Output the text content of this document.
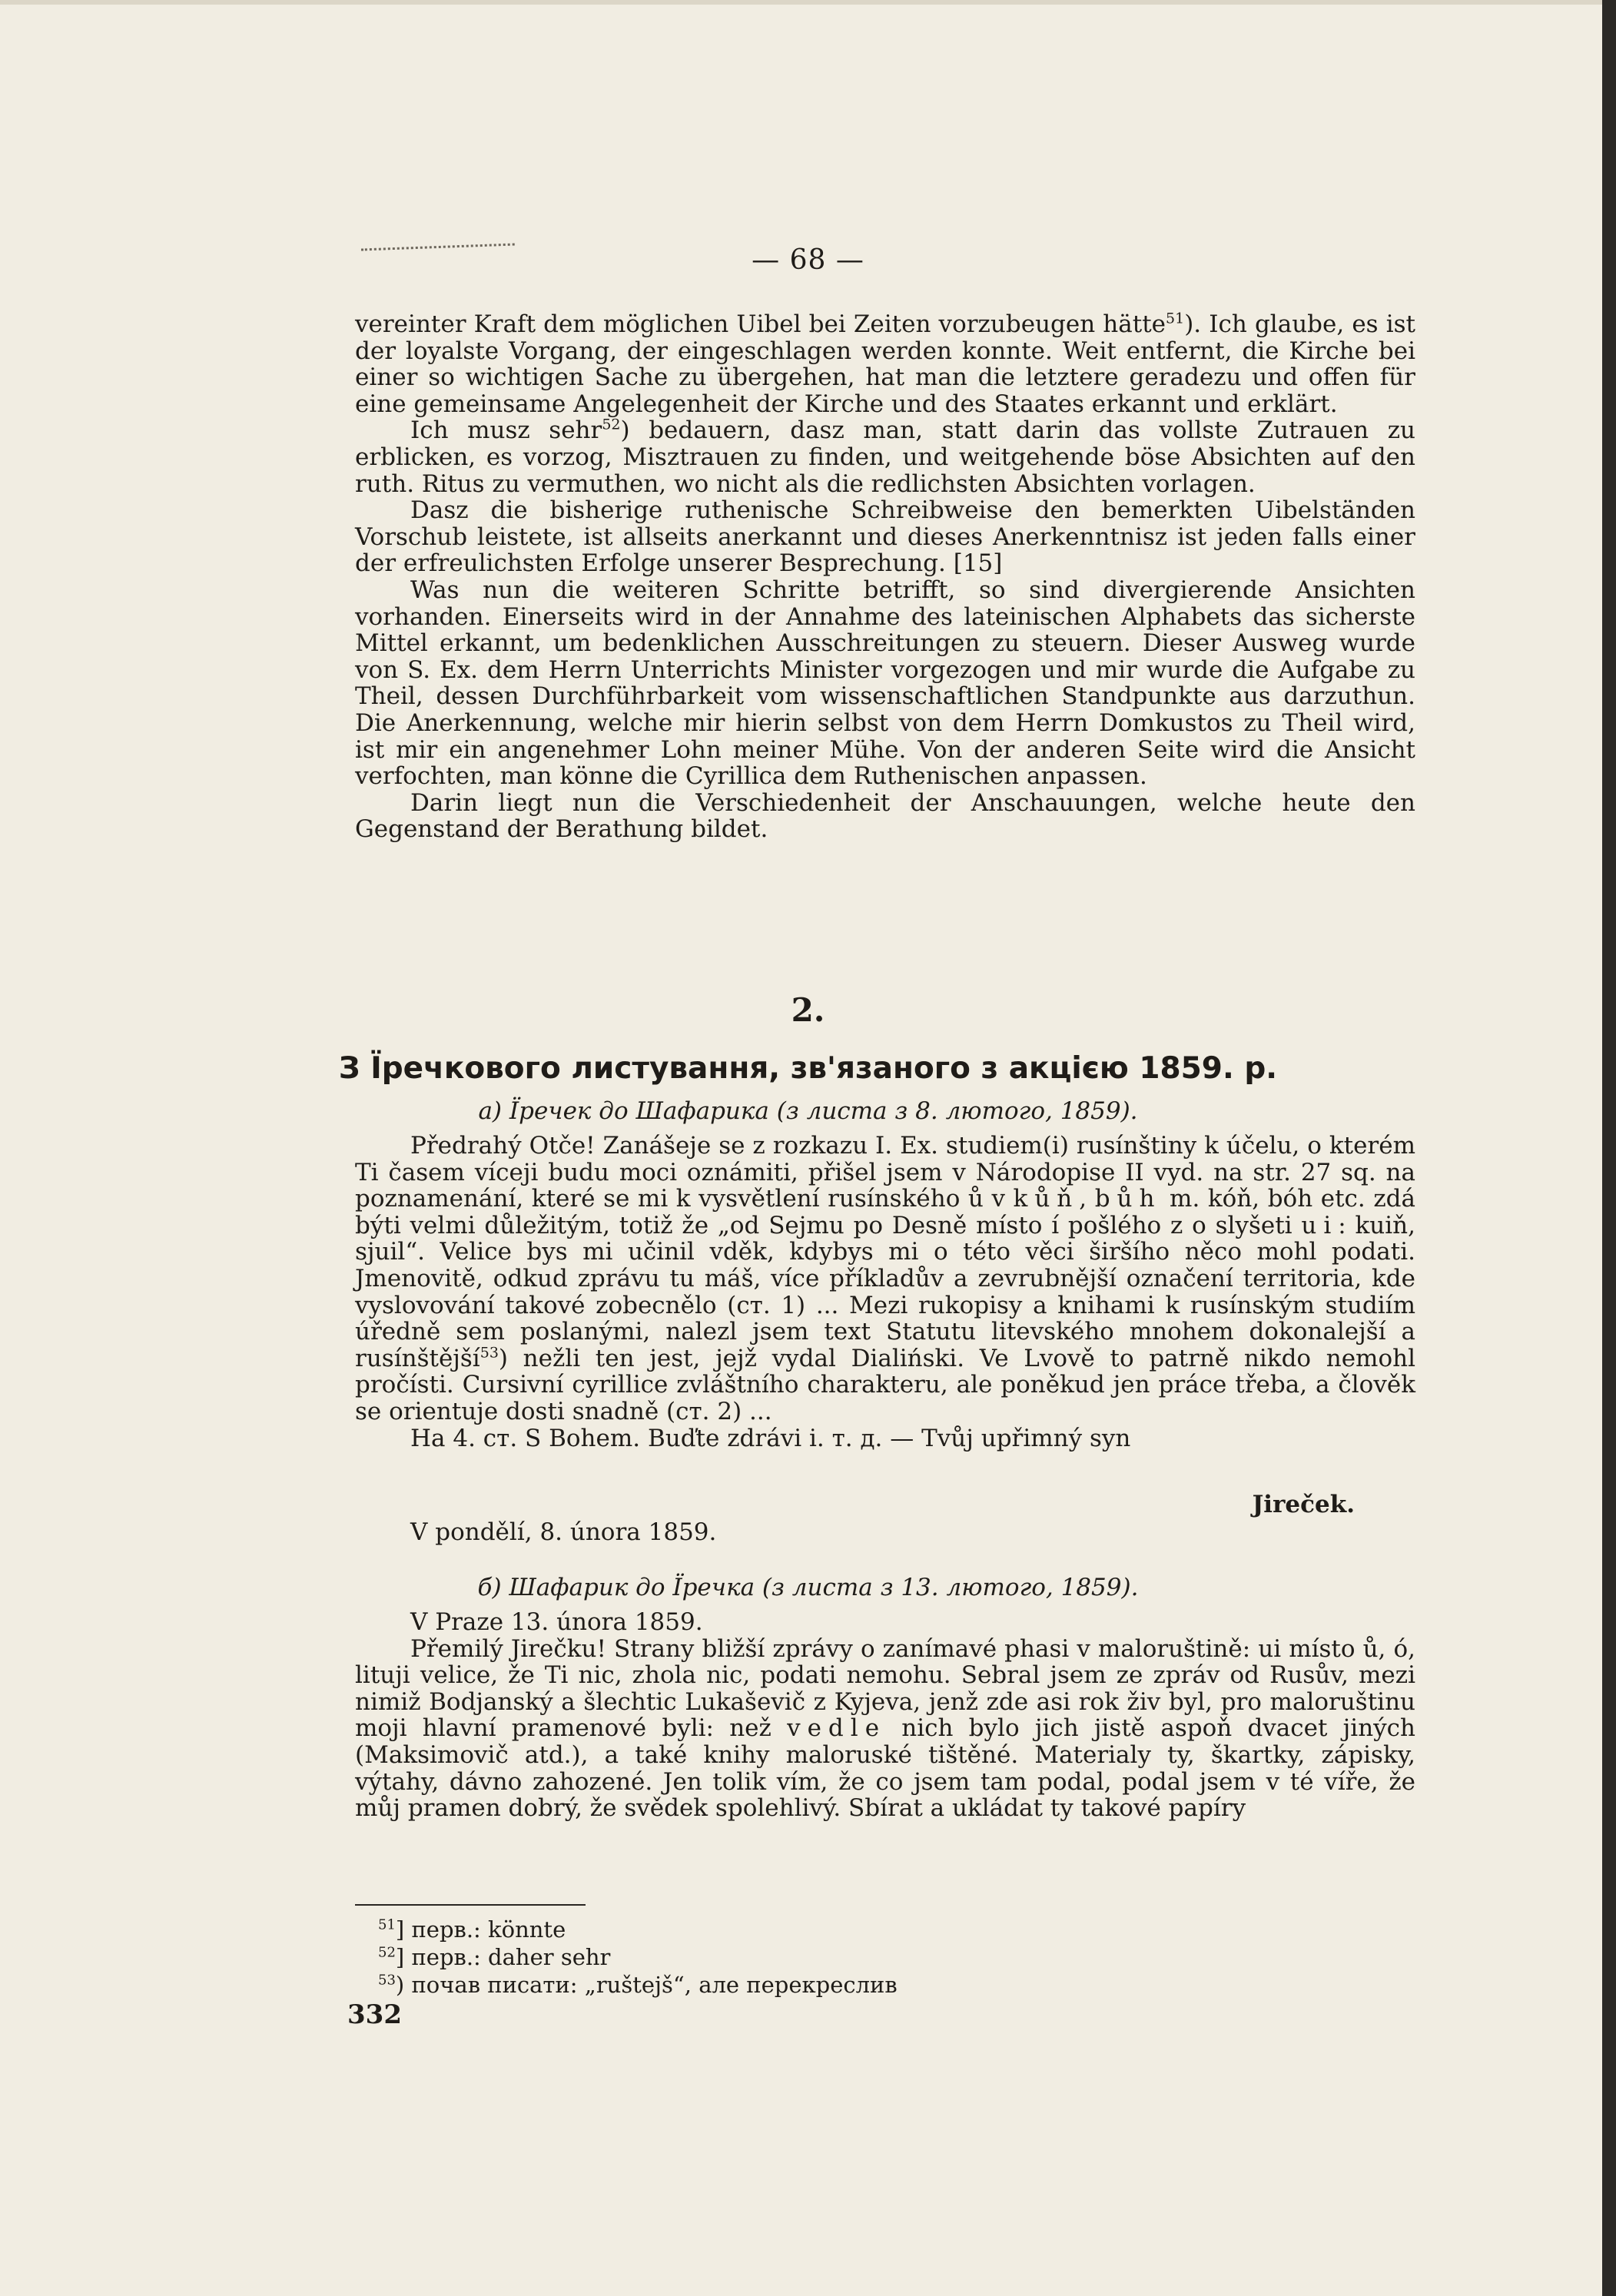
— 68 —

vereinter Kraft dem möglichen Uibel bei Zeiten vorzubeugen hätte$^{51}$). Ich glaube, es ist der loyalste Vorgang, der eingeschlagen werden konnte. Weit entfernt, die Kirche bei einer so wichtigen Sache zu übergehen, hat man die letztere geradezu und offen für eine gemeinsame Angelegenheit der Kirche und des Staates erkannt und erklärt.

Ich musz sehr$^{52}$) bedauern, dasz man, statt darin das vollste Zutrauen zu erblicken, es vorzog, Misztrauen zu finden, und weitgehende böse Absichten auf den ruth. Ritus zu vermuthen, wo nicht als die redlichsten Absichten vorlagen.

Dasz die bisherige ruthenische Schreibweise den bemerkten Uibelständen Vorschub leistete, ist allseits anerkannt und dieses Anerkenntnisz ist jeden falls einer der erfreulichsten Erfolge unserer Besprechung. [15]

Was nun die weiteren Schritte betrifft, so sind divergierende Ansichten vorhanden. Einerseits wird in der Annahme des lateinischen Alphabets das sicherste Mittel erkannt, um bedenklichen Ausschreitungen zu steuern. Dieser Ausweg wurde von S. Ex. dem Herrn Unterrichts Minister vorgezogen und mir wurde die Aufgabe zu Theil, dessen Durchführbarkeit vom wissenschaftlichen Standpunkte aus darzuthun. Die Anerkennung, welche mir hierin selbst von dem Herrn Domkustos zu Theil wird, ist mir ein angenehmer Lohn meiner Mühe. Von der anderen Seite wird die Ansicht verfochten, man könne die Cyrillica dem Ruthenischen anpassen.

Darin liegt nun die Verschiedenheit der Anschauungen, welche heute den Gegenstand der Berathung bildet.

2.
З Їречкового листування, зв'язаного з акцією 1859. р.
а) Їречек до Шафарика (з листа з 8. лютого, 1859).

Předrahý Otče! Zanášeje se z rozkazu I. Ex. studiem(i) rusínštiny k účelu, o kterém Ti časem víceji budu moci oznámiti, přišel jsem v Národopise II vyd. na str. 27 sq. na poznamenání, které se mi k vysvětlení rusínského ů v kůň, bůh m. kóň, bóh etc. zdá býti velmi důležitým, totiž že „od Sejmu po Desně místo í pošlého z o slyšeti ui: kuiň, sjuil“. Velice bys mi učinil vděk, kdybys mi o této věci širšího něco mohl podati. Jmenovitě, odkud zprávu tu máš, více příkladův a zevrubnější označení territoria, kde vyslovování takové zobecnělo (ст. 1) ... Mezi rukopisy a knihami k rusínským studiím úředně sem poslanými, nalezl jsem text Statutu litevského mnohem dokonalejší a rusínštější$^{53}$) nežli ten jest, jejž vydal Dialiński. Ve Lvově to patrně nikdo nemohl pročísti. Cursivní cyrillice zvláštního charakteru, ale poněkud jen práce třeba, a člověk se orientuje dosti snadně (ст. 2) ...

На 4. ст. S Bohem. Buďte zdrávi і. т. д. — Tvůj upřimný syn

Jireček.

V pondělí, 8. února 1859.

б) Шафарик до Їречка (з листа з 13. лютого, 1859).

V Praze 13. února 1859.

Přemilý Jirečku! Strany bližší zprávy o zanímavé phasi v maloruštině: ui místo ů, ó, lituji velice, že Ti nic, zhola nic, podati nemohu. Sebral jsem ze zpráv od Rusův, mezi nimiž Bodjanský a šlechtic Lukaševič z Kyjeva, jenž zde asi rok živ byl, pro maloruštinu moji hlavní pramenové byli: než vedle nich bylo jich jistě aspoň dvacet jiných (Maksimovič atd.), a také knihy maloruské tištěné. Materialy ty, škartky, zápisky, výtahy, dávno zahozené. Jen tolik vím, že co jsem tam podal, podal jsem v té víře, že můj pramen dobrý, že svědek spolehlivý. Sbírat a ukládat ty takové papíry

$^{51}$] перв.: könnte
$^{52}$] перв.: daher sehr
$^{53}$) почав писати: „ruštejš“, але перекреслив
332
